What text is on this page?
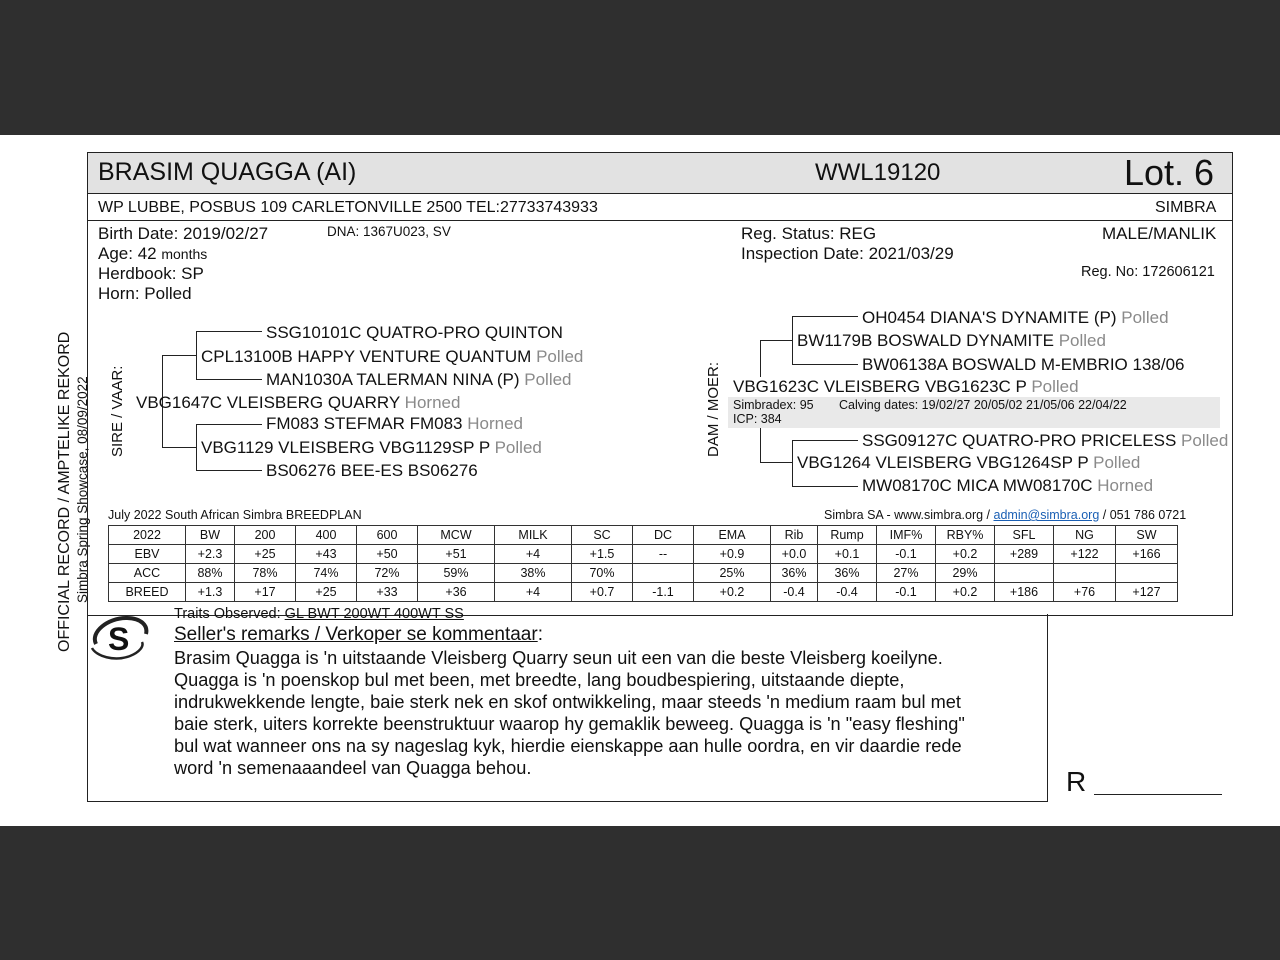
OFFICIAL RECORD / AMPTELIKE REKORD Simbra Spring Showcase, 08/09/2022
BRASIM QUAGGA (AI)	WWL19120	Lot. 6
WP LUBBE, POSBUS 109 CARLETONVILLE 2500 TEL:27733743933	SIMBRA
Birth Date: 2019/02/27	DNA: 1367U023, SV
Age: 42 months
Herdbook: SP
Horn: Polled
Reg. Status: REG
Inspection Date: 2021/03/29
MALE/MANLIK
Reg. No: 172606121
SIRE / VAAR:
SSG10101C QUATRO-PRO QUINTON
CPL13100B HAPPY VENTURE QUANTUM Polled
MAN1030A TALERMAN NINA (P) Polled
VBG1647C VLEISBERG QUARRY Horned
FM083 STEFMAR FM083 Horned
VBG1129 VLEISBERG VBG1129SP P Polled
BS06276 BEE-ES BS06276
DAM / MOER:
OH0454 DIANA'S DYNAMITE (P) Polled
BW1179B BOSWALD DYNAMITE Polled
BW06138A BOSWALD M-EMBRIO 138/06
VBG1623C VLEISBERG VBG1623C P Polled
Simbradex: 95 Calving dates: 19/02/27 20/05/02 21/05/06 22/04/22
ICP: 384
SSG09127C QUATRO-PRO PRICELESS Polled
VBG1264 VLEISBERG VBG1264SP P Polled
MW08170C MICA MW08170C Horned
July 2022 South African Simbra BREEDPLAN	Simbra SA - www.simbra.org / admin@simbra.org / 051 786 0721
2022	BW	200	400	600	MCW	MILK	SC	DC	EMA	Rib	Rump	IMF%	RBY%	SFL	NG	SW
EBV	+2.3	+25	+43	+50	+51	+4	+1.5	--	+0.9	+0.0	+0.1	-0.1	+0.2	+289	+122	+166
ACC	88%	78%	74%	72%	59%	38%	70%		25%	36%	36%	27%	29%			
BREED	+1.3	+17	+25	+33	+36	+4	+0.7	-1.1	+0.2	-0.4	-0.4	-0.1	+0.2	+186	+76	+127
Traits Observed: GL BWT 200WT 400WT SS
S Seller's remarks / Verkoper se kommentaar:
Brasim Quagga is 'n uitstaande Vleisberg Quarry seun uit een van die beste Vleisberg koeilyne.
Quagga is 'n poenskop bul met been, met breedte, lang boudbespiering, uitstaande diepte,
indrukwekkende lengte, baie sterk nek en skof ontwikkeling, maar steeds 'n medium raam bul met
baie sterk, uiters korrekte beenstruktuur waarop hy gemaklik beweeg. Quagga is 'n "easy fleshing"
bul wat wanneer ons na sy nageslag kyk, hierdie eienskappe aan hulle oordra, en vir daardie rede
word 'n semenaaandeel van Quagga behou.	R
